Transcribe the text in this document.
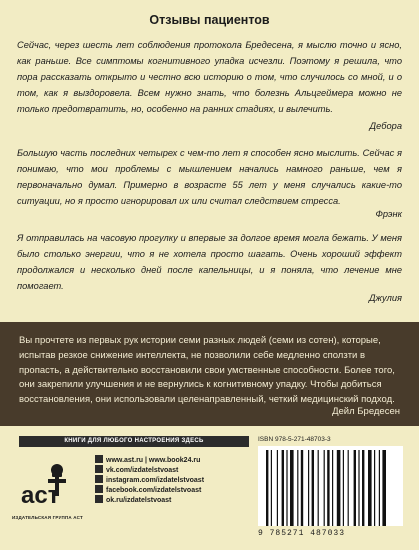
Отзывы пациентов
Сейчас, через шесть лет соблюдения протокола Бредесена, я мыслю точно и ясно, как раньше. Все симптомы когнитивного упадка исчезли. Поэтому я решила, что пора рассказать открыто и честно всю историю о том, что случилось со мной, и о том, как я выздоровела. Всем нужно знать, что болезнь Альцгеймера можно не только предотвратить, но, особенно на ранних стадиях, и вылечить.
Дебора
Большую часть последних четырех с чем-то лет я способен ясно мыслить. Сейчас я понимаю, что мои проблемы с мышлением начались намного раньше, чем я первоначально думал. Примерно в возрасте 55 лет у меня случались какие-то ситуации, но я просто игнорировал их или считал следствием стресса.
Фрэнк
Я отправилась на часовую прогулку и впервые за долгое время могла бежать. У меня было столько энергии, что я не хотела просто шагать. Очень хороший эффект продолжался и несколько дней после капельницы, и я поняла, что лечение мне помогает.
Джулия
Вы прочтете из первых рук истории семи разных людей (семи из сотен), которые, испытав резкое снижение интеллекта, не позволили себе медленно сползти в пропасть, а действительно восстановили свои умственные способности. Более того, они закрепили улучшения и не вернулись к когнитивному упадку. Чтобы добиться восстановления, они использовали целенаправленный, четкий медицинский подход.
Дейл Бредесен
КНИГИ ДЛЯ ЛЮБОГО НАСТРОЕНИЯ ЗДЕСЬ
аст
ИЗДАТЕЛЬСКАЯ ГРУППА АСТ
www.ast.ru | www.book24.ru
vk.com/izdatelstvoast
instagram.com/izdatelstvoast
facebook.com/izdatelstvoast
ok.ru/izdatelstvoast
ISBN 978-5-271-48703-3
9 785271 487033
